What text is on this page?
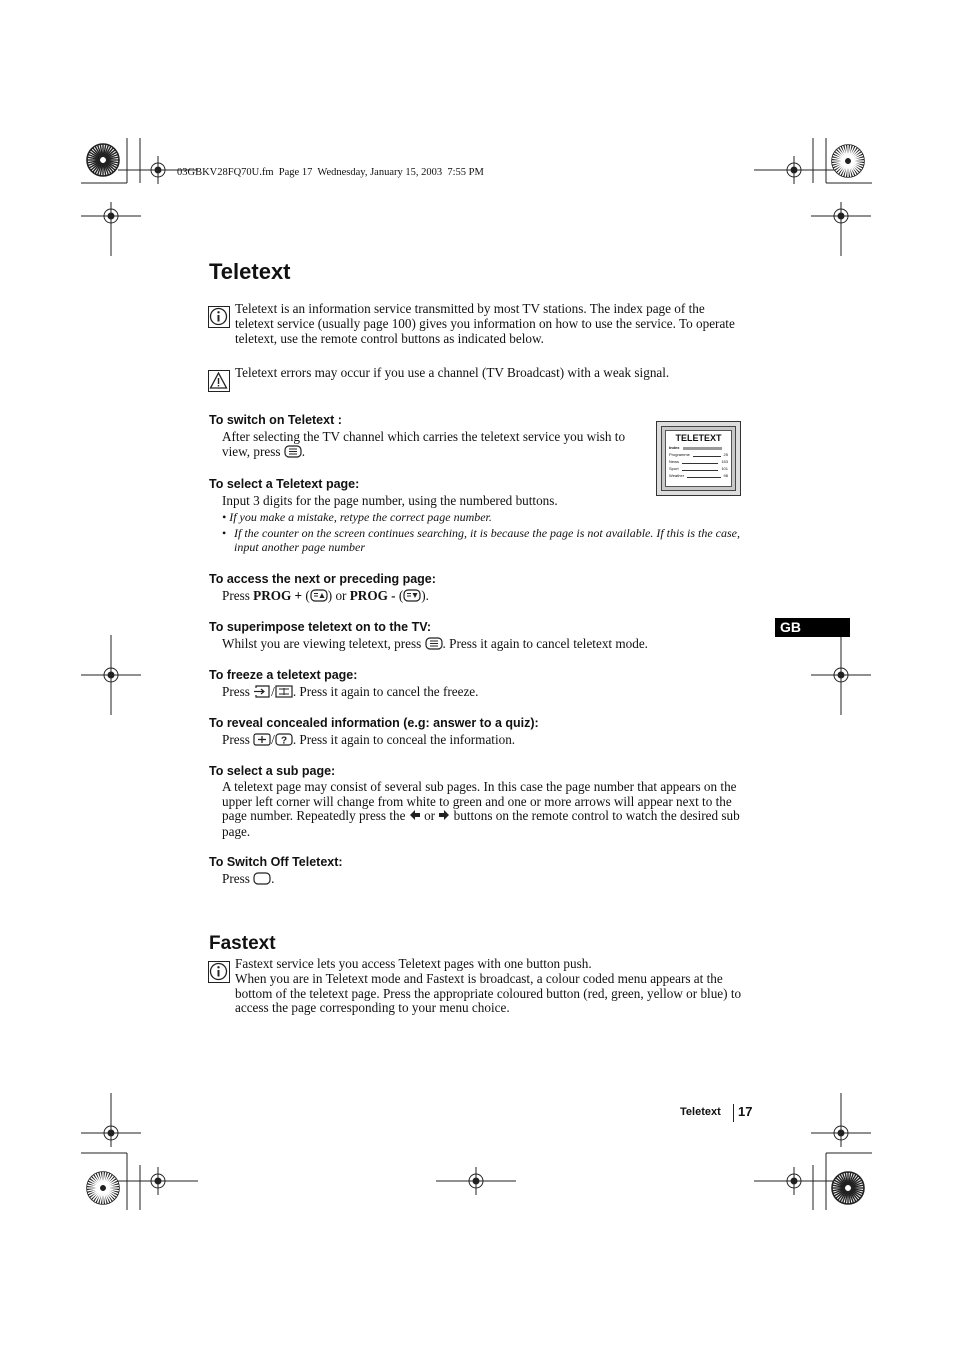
03GBKV28FQ70U.fm  Page 17  Wednesday, January 15, 2003  7:55 PM
Teletext
Teletext is an information service transmitted by most TV stations. The index page of the teletext service (usually page 100) gives you information on how to use the service. To operate teletext, use the remote control buttons as indicated below.
Teletext errors may occur if you use a channel (TV Broadcast) with a weak signal.
TELETEXT
Index
Programme	25
News	153
Sport	101
Weather	98
To switch on Teletext :
After selecting the TV channel which carries the teletext service you wish to view, press .
To select a Teletext page:
Input 3 digits for the page number, using the numbered buttons.
• If you make a mistake, retype the correct page number.
• If the counter on the screen continues searching, it is because the page is not available. If this is the case, input another page number
To access the next or preceding page:
Press PROG + ( ) or PROG - ( ).
To superimpose teletext on to the TV:
Whilst you are viewing teletext, press . Press it again to cancel teletext mode.
To freeze a teletext page:
Press / . Press it again to cancel the freeze.
To reveal concealed information (e.g: answer to a quiz):
Press / ? . Press it again to conceal the information.
To select a sub page:
A teletext page may consist of several sub pages. In this case the page number that appears on the upper left corner will change from white to green and one or more arrows will appear next to the page number. Repeatedly press the or buttons on the remote control to watch the desired sub page.
To Switch Off Teletext:
Press .
Fastext
Fastext service lets you access Teletext pages with one button push.
When you are in Teletext mode and Fastext is broadcast, a colour coded menu appears at the bottom of the teletext page. Press the appropriate coloured button (red, green, yellow or blue) to access the page corresponding to your menu choice.
GB
Teletext 17
